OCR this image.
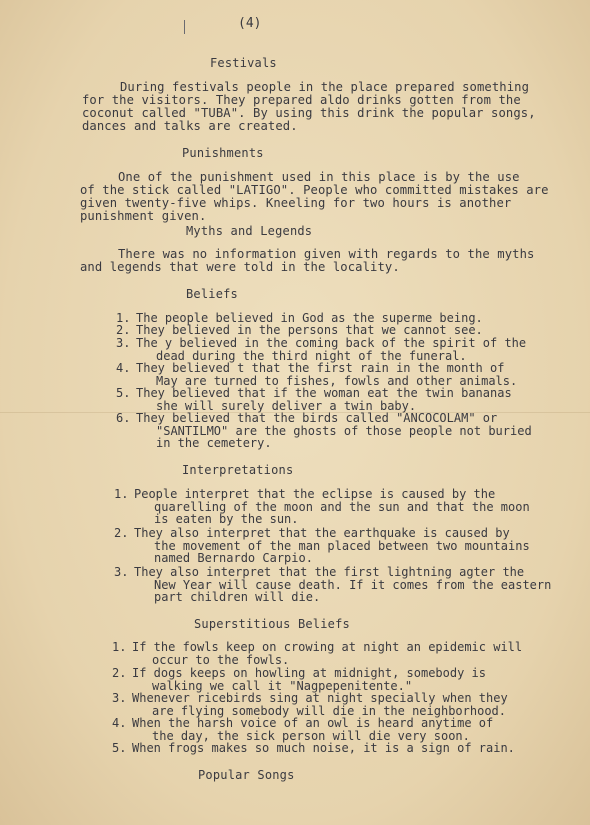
(4)
Festivals
During festivals people in the place prepared something
for the visitors. They prepared aldo drinks gotten from the
coconut called "TUBA". By using this drink the popular songs,
dances and talks are created.
Punishments
One of the punishment used in this place is by the use
of the stick called "LATIGO". People who committed mistakes are
given twenty-five whips. Kneeling for two hours is another
punishment given.
Myths and Legends
There was no information given with regards to the myths
and legends that were told in the locality.
Beliefs
1. The people believed in God as the superme being.
2. They believed in the persons that we cannot see.
3. The y believed in the coming back of the spirit of the
dead during the third night of the funeral.
4. They believed t that the first rain in the month of
May are turned to fishes, fowls and other animals.
5. They believed that if the woman eat the twin bananas
she will surely deliver a twin baby.
6. They believed that the birds called "ANCOCOLAM" or
"SANTILMO" are the ghosts of those people not buried
in the cemetery.
Interpretations
1. People interpret that the eclipse is caused by the
quarelling of the moon and the sun and that the moon
is eaten by the sun.
2. They also interpret that the earthquake is caused by
the movement of the man placed between two mountains
named Bernardo Carpio.
3. They also interpret that the first lightning agter the
New Year will cause death. If it comes from the eastern
part children will die.
Superstitious Beliefs
1. If the fowls keep on crowing at night an epidemic will
occur to the fowls.
2. If dogs keeps on howling at midnight, somebody is
walking we call it "Nagpepenitente."
3. Whenever ricebirds sing at night specially when they
are flying somebody will die in the neighborhood.
4. When the harsh voice of an owl is heard anytime of
the day, the sick person will die very soon.
5. When frogs makes so much noise, it is a sign of rain.
Popular Songs
